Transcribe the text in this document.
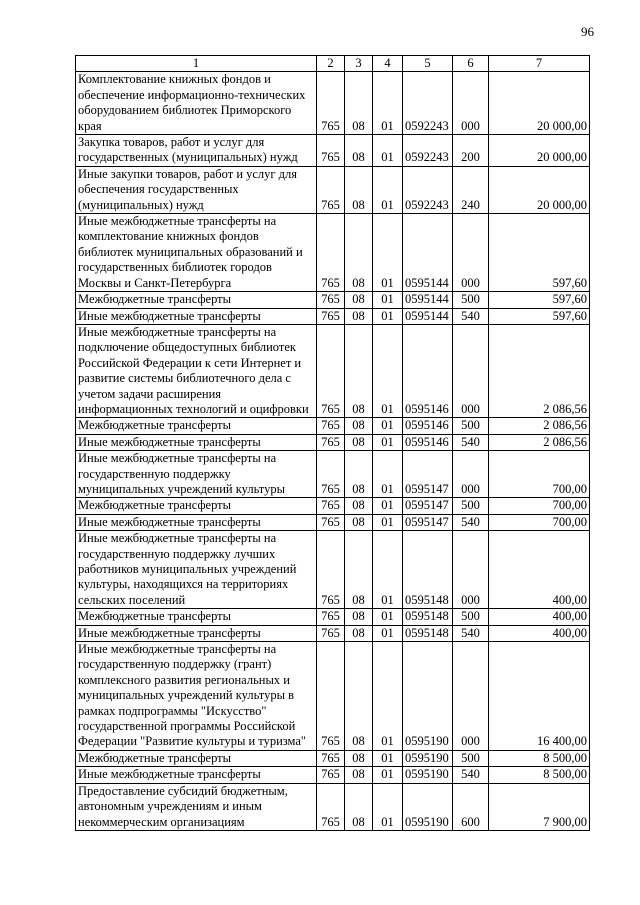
96
1	2	3	4	5	6	7
Комплектование книжных фондов и обеспечение информационно-технических оборудованием библиотек Приморского края	765	08	01	0592243	000	20 000,00
Закупка товаров, работ и услуг для государственных (муниципальных) нужд	765	08	01	0592243	200	20 000,00
Иные закупки товаров, работ и услуг для обеспечения государственных (муниципальных) нужд	765	08	01	0592243	240	20 000,00
Иные межбюджетные трансферты на комплектование книжных фондов библиотек муниципальных образований и государственных библиотек городов Москвы и Санкт-Петербурга	765	08	01	0595144	000	597,60
Межбюджетные трансферты	765	08	01	0595144	500	597,60
Иные межбюджетные трансферты	765	08	01	0595144	540	597,60
Иные межбюджетные трансферты на подключение общедоступных библиотек Российской Федерации к сети Интернет и развитие системы библиотечного дела с учетом задачи расширения информационных технологий и оцифровки	765	08	01	0595146	000	2 086,56
Межбюджетные трансферты	765	08	01	0595146	500	2 086,56
Иные межбюджетные трансферты	765	08	01	0595146	540	2 086,56
Иные межбюджетные трансферты на государственную поддержку муниципальных учреждений культуры	765	08	01	0595147	000	700,00
Межбюджетные трансферты	765	08	01	0595147	500	700,00
Иные межбюджетные трансферты	765	08	01	0595147	540	700,00
Иные межбюджетные трансферты на государственную поддержку лучших работников муниципальных учреждений культуры, находящихся на территориях сельских поселений	765	08	01	0595148	000	400,00
Межбюджетные трансферты	765	08	01	0595148	500	400,00
Иные межбюджетные трансферты	765	08	01	0595148	540	400,00
Иные межбюджетные трансферты на государственную поддержку (грант) комплексного развития региональных и муниципальных учреждений культуры в рамках подпрограммы "Искусство" государственной программы Российской Федерации "Развитие культуры и туризма"	765	08	01	0595190	000	16 400,00
Межбюджетные трансферты	765	08	01	0595190	500	8 500,00
Иные межбюджетные трансферты	765	08	01	0595190	540	8 500,00
Предоставление субсидий бюджетным, автономным учреждениям и иным некоммерческим организациям	765	08	01	0595190	600	7 900,00
